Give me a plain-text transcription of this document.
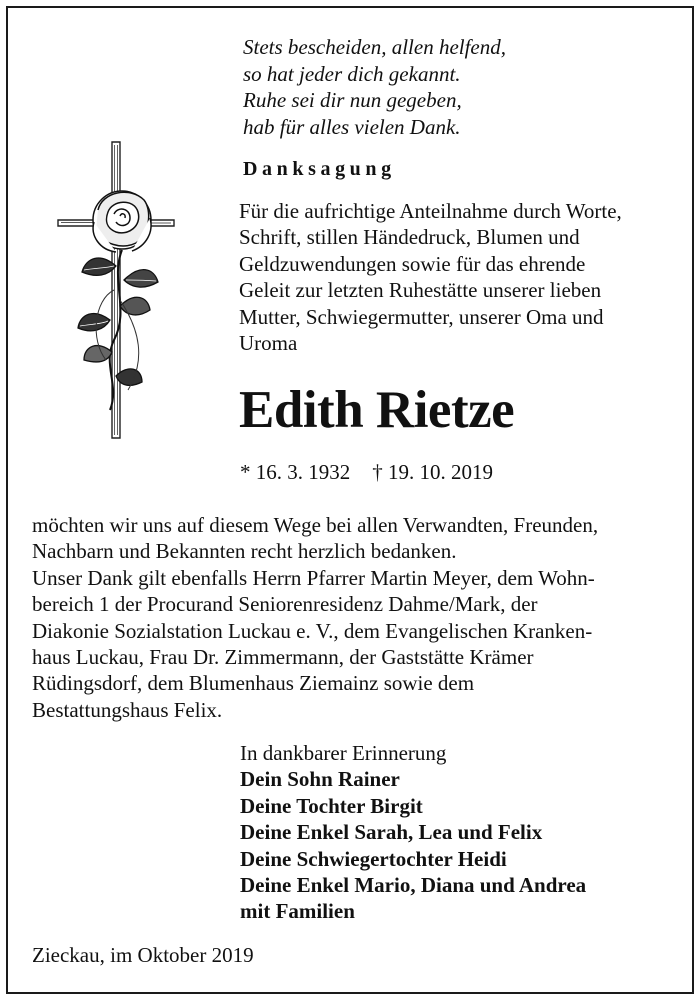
Stets bescheiden, allen helfend,
so hat jeder dich gekannt.
Ruhe sei dir nun gegeben,
hab für alles vielen Dank.
Danksagung
Für die aufrichtige Anteilnahme durch Worte,
Schrift, stillen Händedruck, Blumen und
Geldzuwendungen sowie für das ehrende
Geleit zur letzten Ruhestätte unserer lieben
Mutter, Schwiegermutter, unserer Oma und
Uroma
Edith Rietze
* 16. 3. 1932 † 19. 10. 2019
möchten wir uns auf diesem Wege bei allen Verwandten, Freunden,
Nachbarn und Bekannten recht herzlich bedanken.
Unser Dank gilt ebenfalls Herrn Pfarrer Martin Meyer, dem Wohn-
bereich 1 der Procurand Seniorenresidenz Dahme/Mark, der
Diakonie Sozialstation Luckau e. V., dem Evangelischen Kranken-
haus Luckau, Frau Dr. Zimmermann, der Gaststätte Krämer
Rüdingsdorf, dem Blumenhaus Ziemainz sowie dem
Bestattungshaus Felix.
In dankbarer Erinnerung
Dein Sohn Rainer
Deine Tochter Birgit
Deine Enkel Sarah, Lea und Felix
Deine Schwiegertochter Heidi
Deine Enkel Mario, Diana und Andrea
mit Familien
Zieckau, im Oktober 2019
